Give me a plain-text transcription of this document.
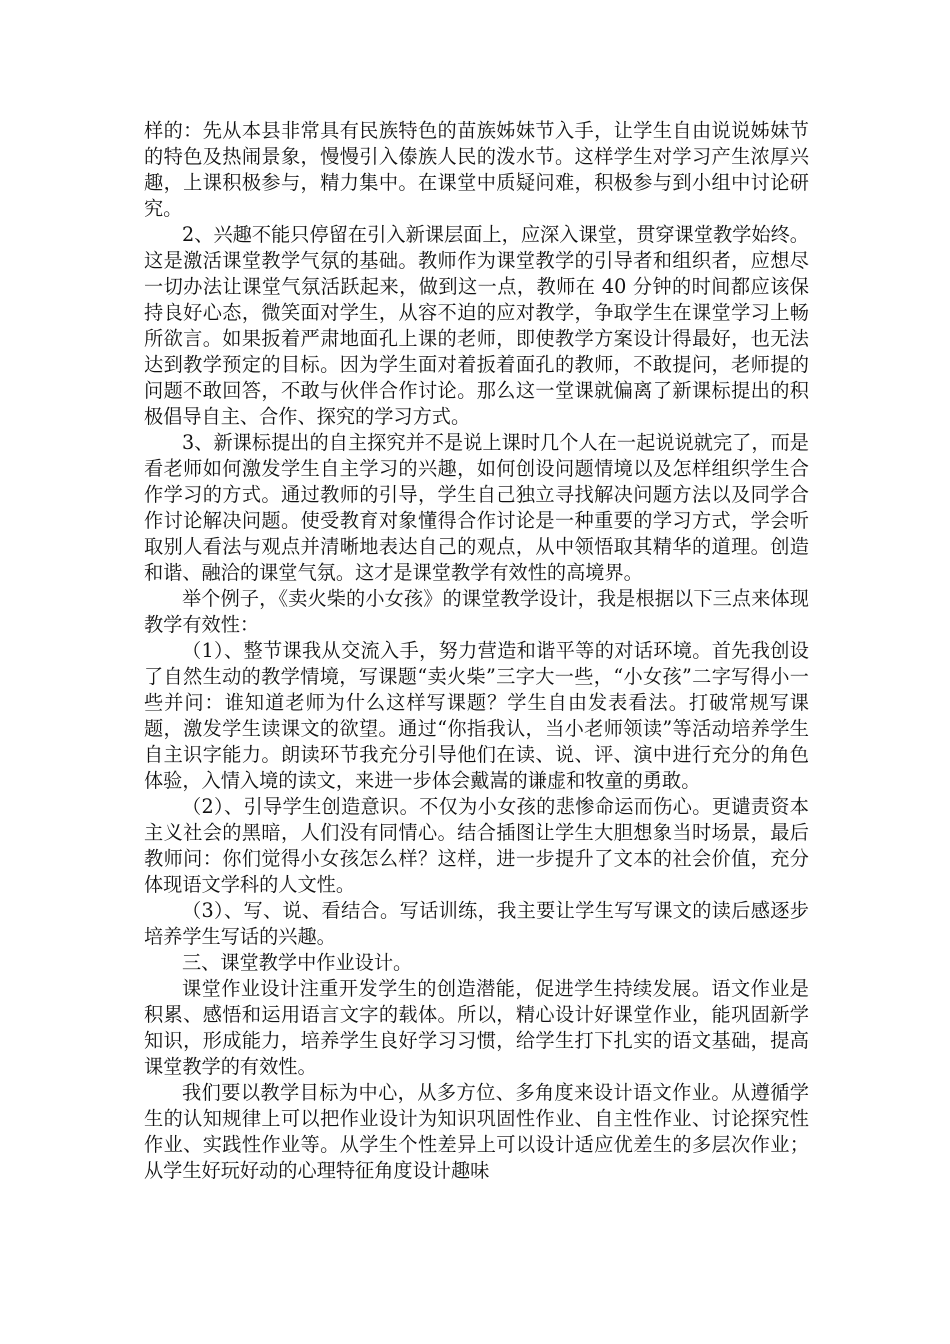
样的：先从本县非常具有民族特色的苗族姊妹节入手，让学生自由说说姊妹节的特色及热闹景象，慢慢引入傣族人民的泼水节。这样学生对学习产生浓厚兴趣，上课积极参与，精力集中。在课堂中质疑问难，积极参与到小组中讨论研究。

2、兴趣不能只停留在引入新课层面上，应深入课堂，贯穿课堂教学始终。这是激活课堂教学气氛的基础。教师作为课堂教学的引导者和组织者，应想尽一切办法让课堂气氛活跃起来，做到这一点，教师在 40 分钟的时间都应该保持良好心态，微笑面对学生，从容不迫的应对教学，争取学生在课堂学习上畅所欲言。如果扳着严肃地面孔上课的老师，即使教学方案设计得最好，也无法达到教学预定的目标。因为学生面对着扳着面孔的教师，不敢提问，老师提的问题不敢回答，不敢与伙伴合作讨论。那么这一堂课就偏离了新课标提出的积极倡导自主、合作、探究的学习方式。

3、新课标提出的自主探究并不是说上课时几个人在一起说说就完了，而是看老师如何激发学生自主学习的兴趣，如何创设问题情境以及怎样组织学生合作学习的方式。通过教师的引导，学生自己独立寻找解决问题方法以及同学合作讨论解决问题。使受教育对象懂得合作讨论是一种重要的学习方式，学会听取别人看法与观点并清晰地表达自己的观点，从中领悟取其精华的道理。创造和谐、融洽的课堂气氛。这才是课堂教学有效性的高境界。

举个例子，《卖火柴的小女孩》的课堂教学设计，我是根据以下三点来体现教学有效性：

（1）、整节课我从交流入手，努力营造和谐平等的对话环境。首先我创设了自然生动的教学情境，写课题“卖火柴”三字大一些，“小女孩”二字写得小一些并问：谁知道老师为什么这样写课题？学生自由发表看法。打破常规写课题，激发学生读课文的欲望。通过“你指我认，当小老师领读”等活动培养学生自主识字能力。朗读环节我充分引导他们在读、说、评、演中进行充分的角色体验，入情入境的读文，来进一步体会戴嵩的谦虚和牧童的勇敢。

（2）、引导学生创造意识。不仅为小女孩的悲惨命运而伤心。更谴责资本主义社会的黑暗，人们没有同情心。结合插图让学生大胆想象当时场景，最后教师问：你们觉得小女孩怎么样？这样，进一步提升了文本的社会价值，充分体现语文学科的人文性。

（3）、写、说、看结合。写话训练，我主要让学生写写课文的读后感逐步培养学生写话的兴趣。

三、课堂教学中作业设计。

课堂作业设计注重开发学生的创造潜能，促进学生持续发展。语文作业是积累、感悟和运用语言文字的载体。所以，精心设计好课堂作业，能巩固新学知识，形成能力，培养学生良好学习习惯，给学生打下扎实的语文基础，提高课堂教学的有效性。

我们要以教学目标为中心，从多方位、多角度来设计语文作业。从遵循学生的认知规律上可以把作业设计为知识巩固性作业、自主性作业、讨论探究性作业、实践性作业等。从学生个性差异上可以设计适应优差生的多层次作业；从学生好玩好动的心理特征角度设计趣味
